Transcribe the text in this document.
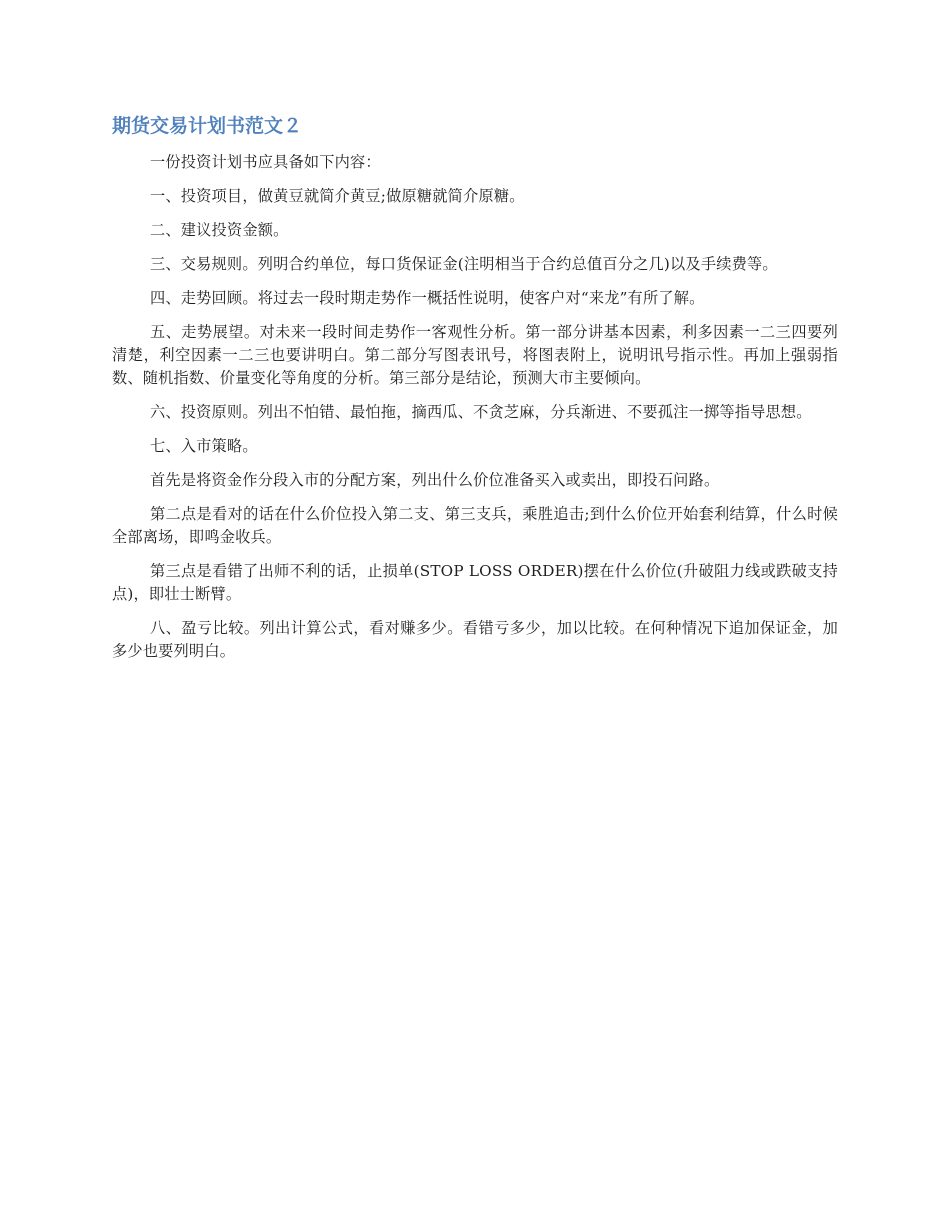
期货交易计划书范文２

一份投资计划书应具备如下内容：

一、投资项目，做黄豆就简介黄豆;做原糖就简介原糖。

二、建议投资金额。

三、交易规则。列明合约单位，每口货保证金(注明相当于合约总值百分之几)以及手续费等。

四、走势回顾。将过去一段时期走势作一概括性说明，使客户对“来龙”有所了解。

五、走势展望。对未来一段时间走势作一客观性分析。第一部分讲基本因素，利多因素一二三四要列清楚，利空因素一二三也要讲明白。第二部分写图表讯号，将图表附上，说明讯号指示性。再加上强弱指数、随机指数、价量变化等角度的分析。第三部分是结论，预测大市主要倾向。

六、投资原则。列出不怕错、最怕拖，摘西瓜、不贪芝麻，分兵渐进、不要孤注一掷等指导思想。

七、入市策略。

首先是将资金作分段入市的分配方案，列出什么价位准备买入或卖出，即投石问路。

第二点是看对的话在什么价位投入第二支、第三支兵，乘胜追击;到什么价位开始套利结算，什么时候全部离场，即鸣金收兵。

第三点是看错了出师不利的话，止损单(STOP LOSS ORDER)摆在什么价位(升破阻力线或跌破支持点)，即壮士断臂。

八、盈亏比较。列出计算公式，看对赚多少。看错亏多少，加以比较。在何种情况下追加保证金，加多少也要列明白。
